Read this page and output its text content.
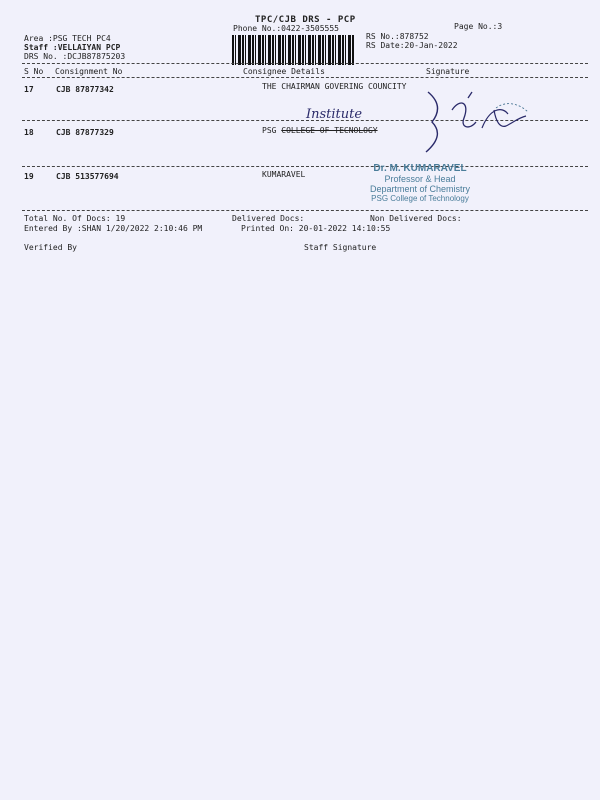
TPC/CJB DRS - PCP
Phone No.:0422-3505555	Page No.:3
Area :PSG TECH PC4
Staff :VELLAIYAN PCP
DRS No. :DCJB87875203
RS No.:878752
RS Date:20-Jan-2022
S No Consignment No	Consignee Details	Signature
17	CJB 87877342	THE CHAIRMAN GOVERING COUNCITY
Institute
18	CJB 87877329	PSG COLLEGE OF TECNOLOGY
19	CJB 513577694	KUMARAVEL
Dr. M. KUMARAVEL
Professor & Head
Department of Chemistry
PSG College of Technology
Total No. Of Docs: 19	Delivered Docs:	Non Delivered Docs:
Entered By :SHAN 1/20/2022 2:10:46 PM	Printed On: 20-01-2022 14:10:55
Verified By	Staff Signature
